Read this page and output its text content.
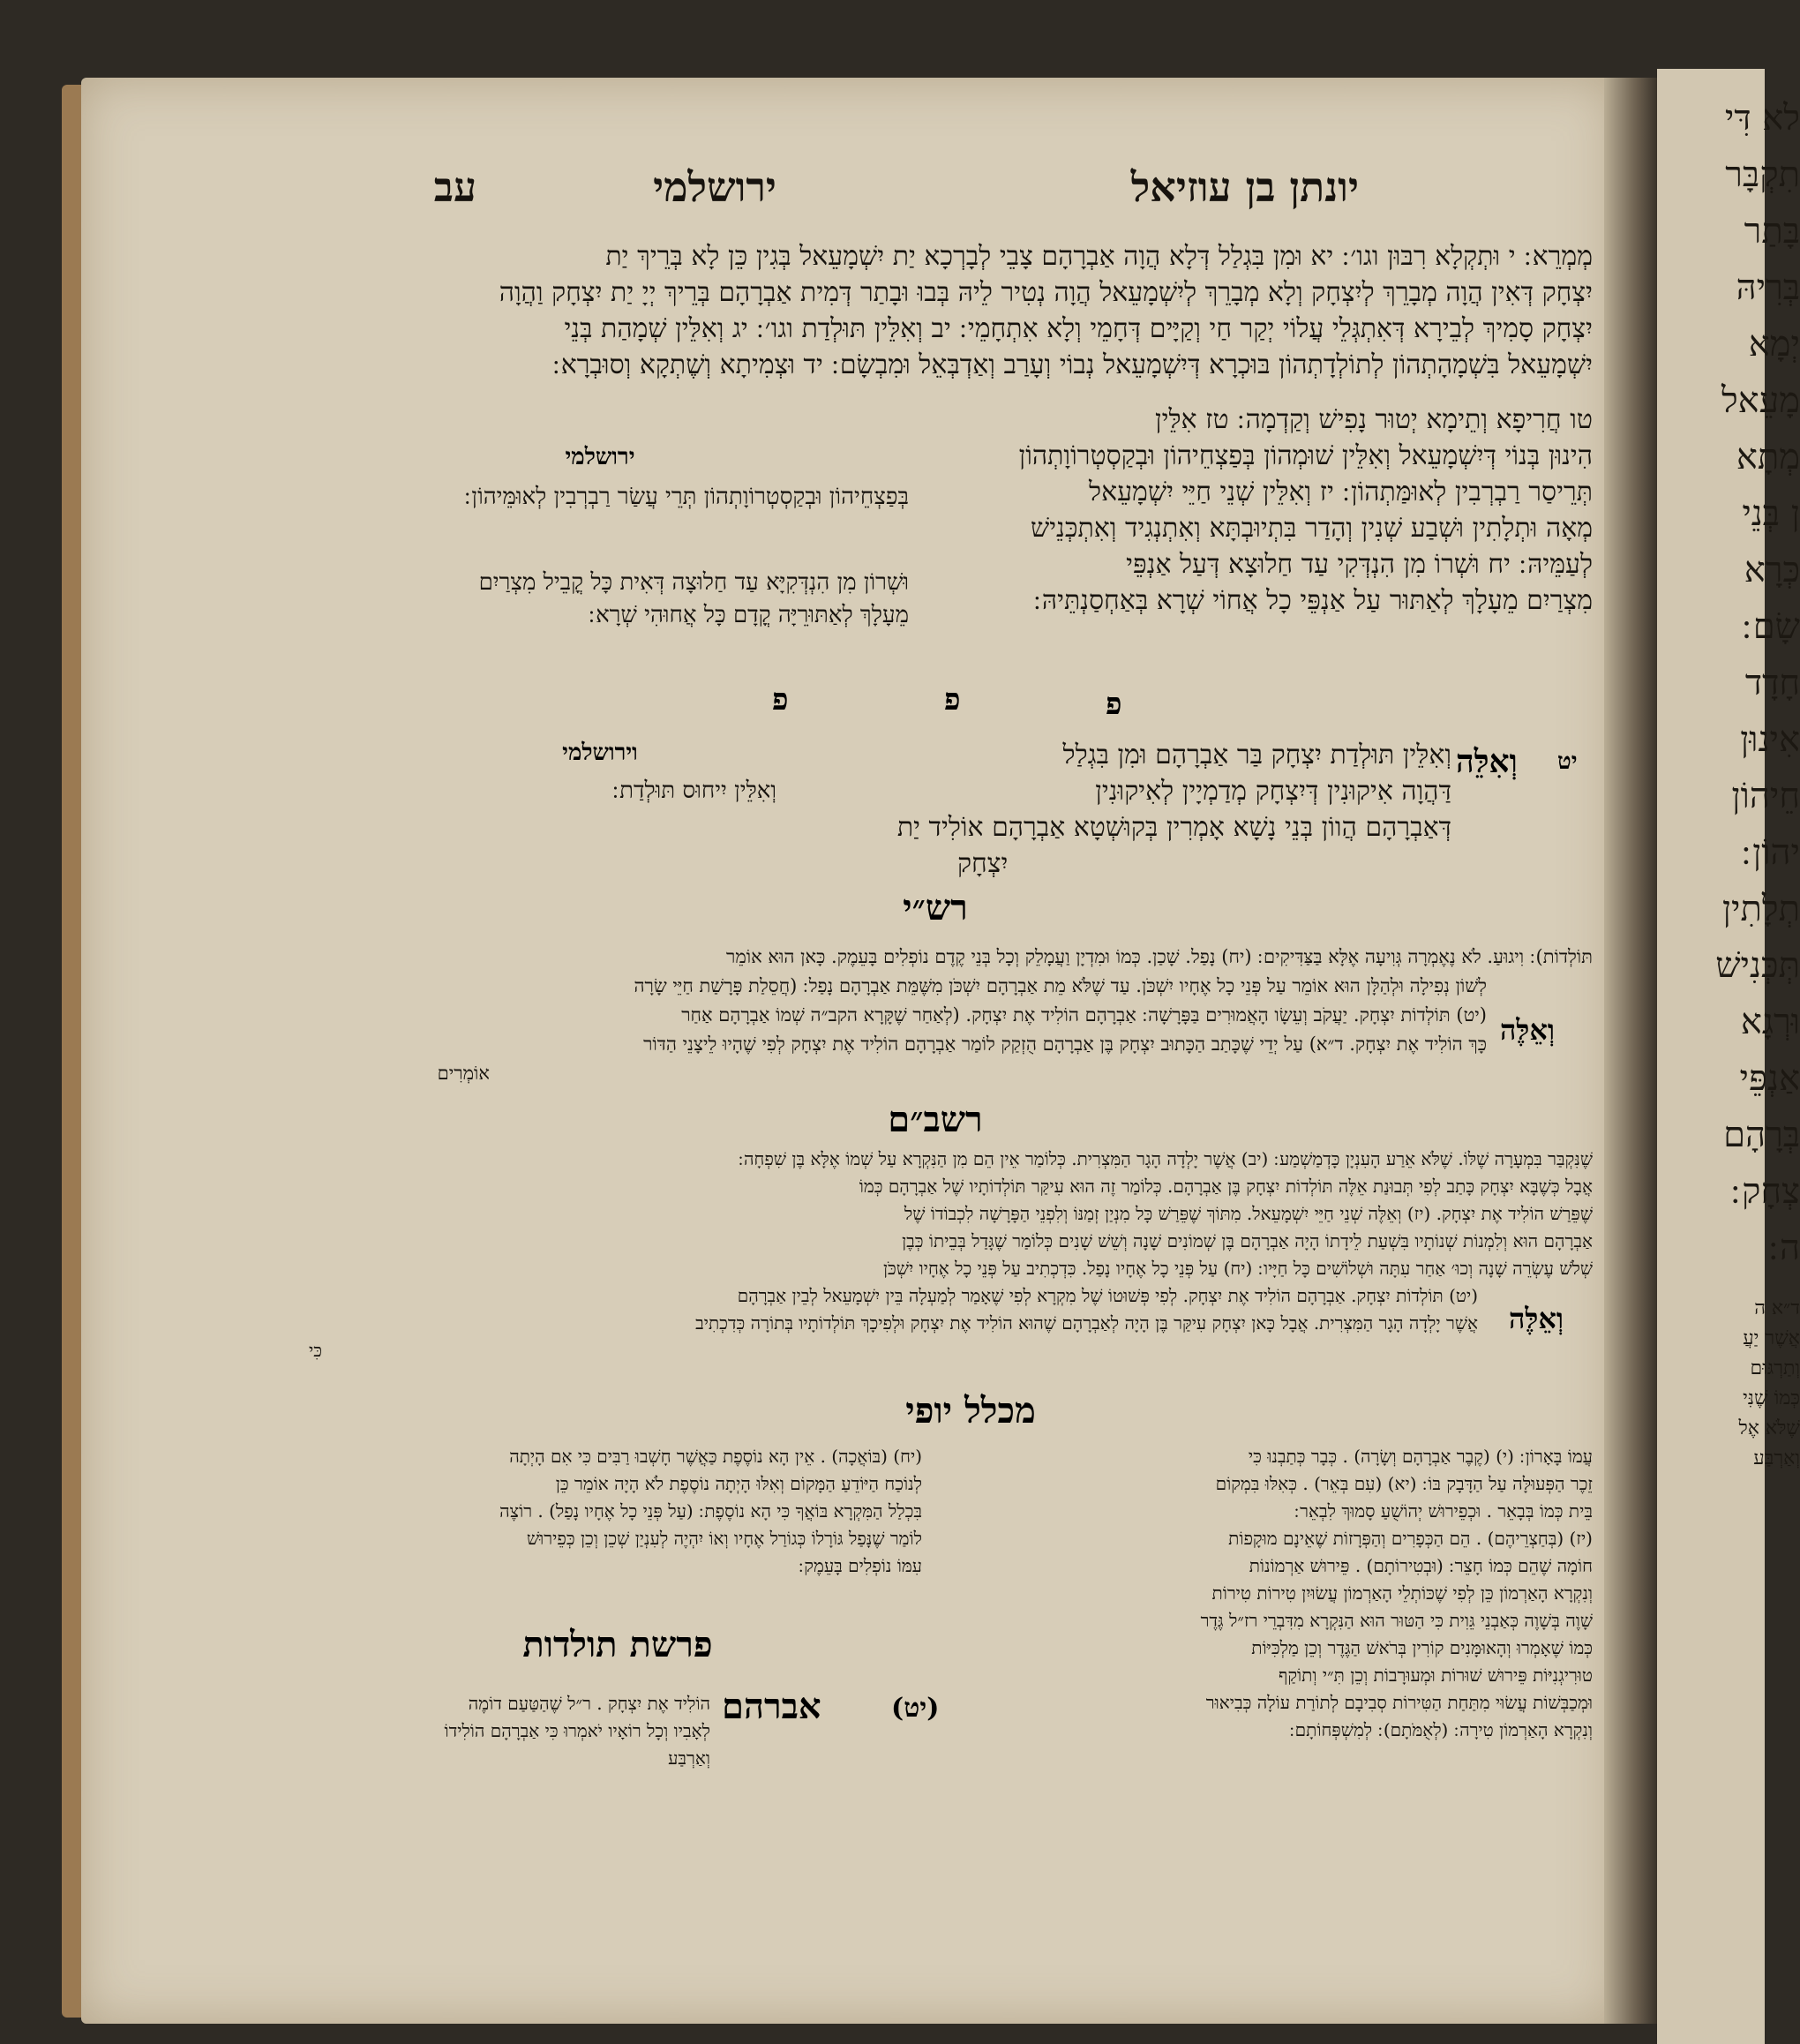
לא דִּי
תִקְבָּר
בָּתַר
בְּרִיהּ
יְמָא
מָעֵאל
מְתָא
ן בְּנֵי
כְּרָא
שָׂם ׃
חָדָד
אִינוּן
חֵיהוֹן
יהוֹן ׃
תְלָתִין
תְּכְּנִישׁ
וּרְגָא
אַנְפֵּי
בְּרָהָם
צְחָק ׃
ה ׃
ד״א ה
אֲשֶׁר יַעֲ
וְתַרְגּוּם
כְּמוֹ שֶׁנִּי
שֶׁלֹּא אֶל
וְאַרְבַּע
יונתן בן עוזיאל
ירושלמי
עב
מְמְרֵא ׃ י וּתְקְלָא רִבּוּן וגו׳ ׃ יא וּמִן בִּגְלַל דְּלָא הֲוָה אַבְרָהָם צָבֵי לְבָרְכָא יַת יִשְׁמָעֵאל בְּגִין כֵּן לָא בְּרֵיךְ יַת
יִצְחָק דְּאִין הֲוָה מְבָרֵךְ לְיִצְחָק וְלָא מְבָרֵךְ לְיִשְׁמָעֵאל הֲוָה נְטִיר לֵיהּ בְּבוּ וּבָתַר דְּמִית אַבְרָהָם בְּרֵיךְ יְיָ יַת יִצְחָק וַהֲוָה
יִצְחָק סָמִיךְ לְבֵירָא דְּאִתְגְּלֵי עֲלוֹי יְקַר חַי וְקַיָּים דְּחָמֵי וְלָא אִתְחָמֵי ׃ יב וְאִלֵּין תּוּלְדַת וגו׳ ׃ יג וְאִלֵּין שְׁמָהַת בְּנֵי
יִשְׁמָעֵאל בִּשְׁמָהָתְהוֹן לְתוֹלְדָתְהוֹן בּוּכְרָא דְּיִשְׁמָעֵאל נְבוֹי וְעָרַב וְאַדְבְּאֵל וּמִבְשָׂם ׃ יד וּצְמִיתָא וְשֶׁתְקָא וְסוּבְרָא ׃
טו חֲרִיפָא וְתֵימָא יְטוּר נָפִישׁ וְקַדְמָה ׃ טז אִלֵּין
הִינוּן בְּנוֹי דְּיִשְׁמָעֵאל וְאִלֵּין שׁוּמְהוֹן בְּפַצְחֵיהוֹן וּבְקַסְטְרוֹוָתְהוֹן
תְּרֵיסַר רַבְרְבִין לְאוּמַּתְהוֹן ׃ יז וְאִלֵּין שְׁנֵי חַיֵּי יִשְׁמָעֵאל
מְאָה וּתְלָתִין וּשְׁבַע שְׁנִין וְהָדַר בִּתְיוּבְתָּא וְאִתְנְגִיד וְאִתְכְּנֵישׁ
לְעַמֵּיהּ ׃ יח וּשְׁרוֹ מִן הִנְדְּקִי עַד חַלוּצָא דְּעַל אַנְפֵּי
מִצְרַיִם מֵעָלָךְ לְאַתּוּר עַל אַנְפֵּי כָל אֲחוֹי שְׁרָא בְּאַחְסַנְתֵּיהּ ׃
ירושלמי
בְּפַצְחֵיהוֹן וּבְקַסְטְרוֹוָתְהוֹן תְּרֵי עֲשַׂר רַבְרְבִין לְאוּמֵּיהוֹן ׃
וּשְׁרוֹן מִן הִנְדְּקִיָּא עַד חַלוּצָה דְּאִית כָּל קֳבֵיל מִצְרַיִם
מֵעָלָךְ לְאַתּוּרֵיָּה קֳדָם כָּל אֲחוּהִי שְׁרָא ׃
פ	פ	פ
יט
וְאִלֵּה
וְאִלֵּין תּוּלְדַת יִצְחָק בַּר אַבְרָהָם וּמִן בִּגְלַל
דַּהֲוָה אִיקוּנִין דְּיִצְחָק מְדַמְיָין לְאִיקוּנִין
דְּאַבְרָהָם הֲווֹן בְּנֵי נָשָׁא אָמְרִין בְּקוּשְׁטָא אַבְרָהָם אוֹלִיד יַת
יִצְחָק
וירושלמי
וְאִלֵּין יִיחוּס תּוּלְדַת ׃
רש״י
תּוֹלְדוֹת) ׃ וִיגוּעַ. לֹא נֶאֶמְרָה גְּוִיעָה אֶלָּא בַּצַּדִּיקִים ׃ (יח) נָפַל. שָׁכַן. כְּמוֹ וּמִדְיָן וַעֲמָלֵק וְכָל בְּנֵי קֶדֶם נוֹפְלִים בָּעֵמֶק. כָּאן הוּא אוֹמֵר
לְשׁוֹן נְפִילָה וּלְהַלָּן הוּא אוֹמֵר עַל פְּנֵי כָל אֶחָיו יִשְׁכֹּן. עַד שֶׁלֹּא מֵת אַבְרָהָם יִשְׁכֹּן מִשֶּׁמֵּת אַבְרָהָם נָפַל ׃ (חֲסֵלַת פָּרָשַׁת חַיֵּי שָׂרָה
(יט) תּוֹלְדוֹת יִצְחָק. יַעֲקֹב וְעֵשָׂו הָאֲמוּרִים בַּפָּרָשָׁה ׃ אַבְרָהָם הוֹלִיד אֶת יִצְחָק. (לְאַחַר שֶׁקָּרָא הקב״ה שְׁמוֹ אַבְרָהָם אַחַר
כָּךְ הוֹלִיד אֶת יִצְחָק. ד״א) עַל יְדֵי שֶׁכָּתַב הַכָּתוּב יִצְחָק בֶּן אַבְרָהָם הֻזְקַק לוֹמַר אַבְרָהָם הוֹלִיד אֶת יִצְחָק לְפִי שֶׁהָיוּ לֵיצָנֵי הַדּוֹר
אוֹמְרִים
וְאֵלֶּה
רשב״ם
שֶׁנִּקְבַּר בִּמְעָרָה שֶׁלּוֹ. שֶׁלֹּא אֵרַע הָעִנְיָן כָּדְמַשְׁמַע ׃ (יב) אֲשֶׁר יָלְדָה הָגָר הַמִּצְרִית. כְּלוֹמַר אֵין הֵם מִן הַנִּקְרָא עַל שְׁמוֹ אֶלָּא בֶּן שִׁפְחָה ׃
אֲבָל כְּשֶׁבָּא יִצְחָק כָּתַב לְפִי תְּבוּנַת אֵלֶּה תּוֹלְדוֹת יִצְחָק בֶּן אַבְרָהָם. כְּלוֹמַר זֶה הוּא עִיקַּר תּוֹלְדוֹתָיו שֶׁל אַבְרָהָם כְּמוֹ
שֶׁפֵּרַשׁ הוֹלִיד אֶת יִצְחָק. (יז) וְאֵלֶּה שְׁנֵי חַיֵּי יִשְׁמָעֵאל. מִתּוֹךְ שֶׁפֵּרַשׁ כָּל מִנְיַן זְמַנּוֹ וְלִפְנֵי הַפָּרָשָׁה לִכְבוֹדוֹ שֶׁל
אַבְרָהָם הוּא וְלִמְנוֹת שְׁנוֹתָיו בִּשְׁעַת לֵידָתוֹ הָיָה אַבְרָהָם בֶּן שְׁמוֹנִים שָׁנָה וְשֵׁשׁ שָׁנִים כְּלוֹמַר שֶׁגָּדַל בְּבֵיתוֹ כְּבֶן
שְׁלֹשׁ עֶשְׂרֵה שָׁנָה וְכוּ׳ אַחַר עִתָּה וּשְׁלוֹשִׁים כָּל חַיָּיו ׃ (יח) עַל פְּנֵי כָל אֶחָיו נָפַל. כִּדְכְתִיב עַל פְּנֵי כָל אֶחָיו יִשְׁכֹּן
(יט) תּוֹלְדוֹת יִצְחָק. אַבְרָהָם הוֹלִיד אֶת יִצְחָק. לְפִי פְּשׁוּטוֹ שֶׁל מִקְרָא לְפִי שֶׁאָמַר לְמַעְלָה בֵּין יִשְׁמָעֵאל לְבֵין אַבְרָהָם
אֲשֶׁר יָלְדָה הָגָר הַמִּצְרִית. אֲבָל כָּאן יִצְחָק עִיקַּר בֶּן הָיָה לְאַבְרָהָם שֶׁהוּא הוֹלִיד אֶת יִצְחָק וּלְפִיכָךְ תּוֹלְדוֹתָיו בְּתוֹרָה כְּדִכְתִיב
כִּי
וְאֵלֶּה
מכלל יופי
עֲמוֹ בָּאָרוֹן ׃ (י) (קֶבֶר אַבְרָהָם וְשָׂרָה) . כְּבָר כְּתַבְנוּ כִּי
זֵכֶר הַפְּעוּלָּה עַל הַדָּבָק בּוֹ ׃ (יא) (עִם בְּאֵר) . כְּאִלּוּ בִּמְקוֹם
בֵּית כְּמוֹ בְּבָאֵר . וּכְפֵירוּשׁ יְהוֹשֻׁעַ סָמוּךְ לִבְאֵר ׃
(יז) (בְּחַצְרֵיהֶם) . הֵם הַכְּפָרִים וְהַפְּרָזוֹת שֶׁאֵינָם מוּקָפוֹת
חוֹמָה שֶׁהֵם כְּמוֹ חָצֵר ׃ (וּבְטִירוֹתָם) . פֵּירוּשׁ אַרְמוֹנוֹת
וְנִקְרָא הָאַרְמוֹן כֵּן לְפִי שֶׁכּוֹתְלֵי הָאַרְמוֹן עֲשׂוּיִן טִירוֹת טִירוֹת
שָׁוֶה בְּשָׁוֶה כְּאַבְנֵי גֵּוִית כִּי הַטּוּר הוּא הַנִּקְרָא מִדִּבְרֵי רז״ל גֶּדֶר
כְּמוֹ שֶׁאָמְרוּ וְהָאוּמָּנִים קוֹרִין בְּרֹאשׁ הַגֶּדֶר וְכֵן מַלְכִּיּוֹת
טוּרִיגְנִיּוֹת פֵּירוּשׁ שׁוּרוֹת וּמְעוּרָבוֹת וְכֵן תִּ״י וְתוֹקַף
וּמְכַבְּשׁוֹת עֲשׂוּי מִתַּחַת הַטִּירוֹת סְבִיבָם לְתוֹרַת עוֹלָה כְּבִיאוּר
וְנִקְרָא הָאַרְמוֹן טִירָה ׃ (לְאֻמֹּתָם) ׃ לְמִשְׁפְּחוֹתָם ׃
(יח) (בּוֹאֲכָה) . אֵין הָא נוֹסֶפֶת כַּאֲשֶׁר חָשְׁבוּ רַבִּים כִּי אִם הָיְתָה
לְנוֹכַח הַיּוֹדֵעַ הַמָּקוֹם וְאִלּוּ הָיְתָה נוֹסֶפֶת לֹא הָיָה אוֹמֵר כֵּן
בִּכְלַל הַמִּקְרָא בּוֹאֲךָ כִּי הָא נוֹסֶפֶת ׃ (עַל פְּנֵי כָל אֶחָיו נָפַל) . רוֹצֶה
לוֹמַר שֶׁנָּפַל גּוֹרָלוֹ כְּגוֹרַל אֶחָיו וְאוֹ יִהְיֶה לְעִנְיַן שְׁכֵן וְכֵן כְּפֵירוּשׁ
עִמּוֹ נוֹפְלִים בָּעֵמֶק ׃
פרשת תולדות
(יט)
אברהם
הוֹלִיד אֶת יִצְחָק . ר״ל שֶׁהַטַּעַם דוֹמֶה
לְאָבִיו וְכָל רוֹאָיו יֹאמְרוּ כִּי אַבְרָהָם הוֹלִידוֹ
וְאַרְבַּע
